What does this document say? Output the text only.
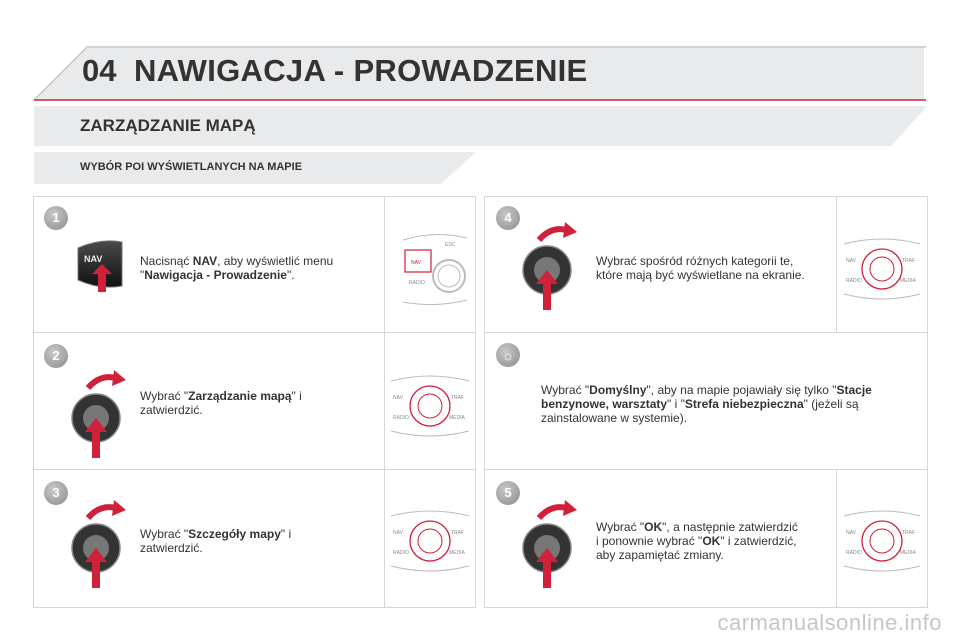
04 NAWIGACJA - PROWADZENIE
ZARZĄDZANIE MAPĄ
WYBÓR POI WYŚWIETLANYCH NA MAPIE
1
2
3
4
☼
5
NAV	Nacisnąć NAV, aby wyświetlić menu
"Nawigacja - Prowadzenie".
ESC
NAV
RADIO
Wybrać "Zarządzanie mapą" i
zatwierdzić.
NAV	TRAF
RADIO	MEDIA
Wybrać "Szczegóły mapy" i
zatwierdzić.
NAV	TRAF
RADIO	MEDIA
Wybrać spośród różnych kategorii te,
które mają być wyświetlane na ekranie.
NAV	TRAF
RADIO	MEDIA
Wybrać "Domyślny", aby na mapie pojawiały się tylko "Stacje
benzynowe, warsztaty" i "Strefa niebezpieczna" (jeżeli są
zainstalowane w systemie).
Wybrać "OK", a następnie zatwierdzić
i ponownie wybrać "OK" i zatwierdzić,
aby zapamiętać zmiany.
NAV	TRAF
RADIO	MEDIA
carmanualsonline.info
